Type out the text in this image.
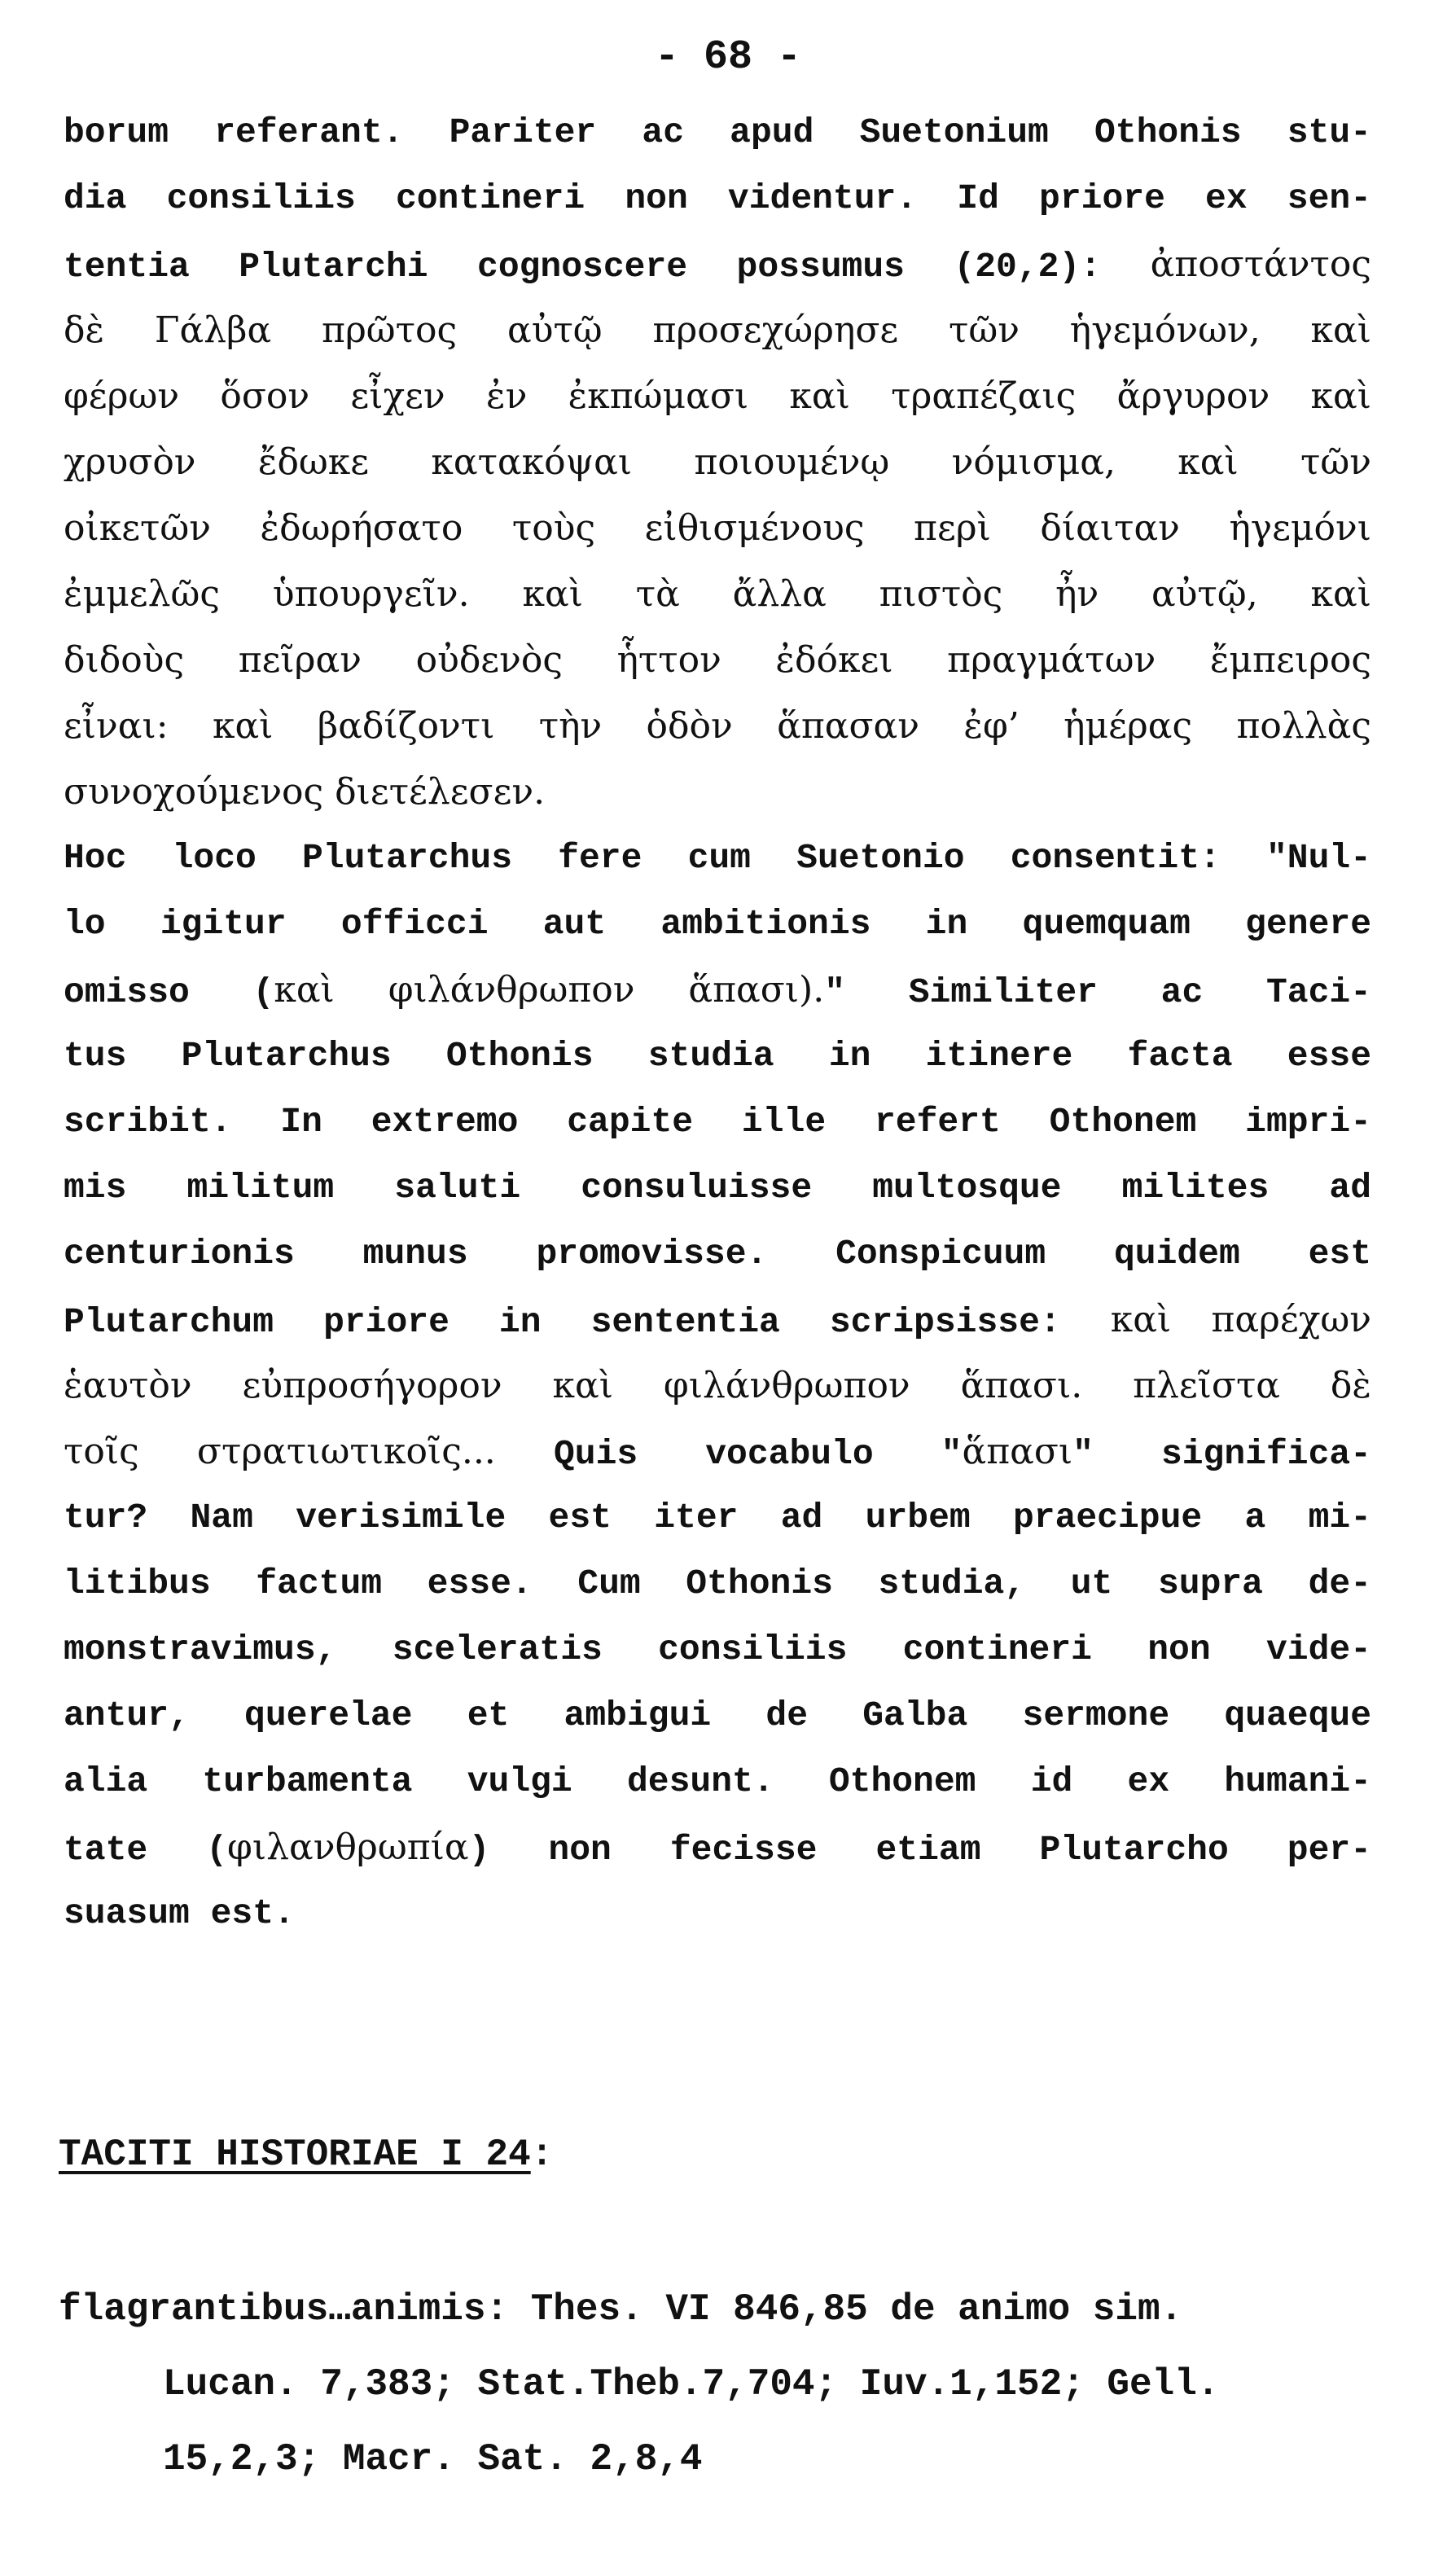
- 68 -
borum referant. Pariter ac apud Suetonium Othonis stu-
dia consiliis contineri non videntur. Id priore ex sen-
tentia Plutarchi cognoscere possumus (20,2): ἀποστάντος
δὲ Γάλβα πρῶτος αὐτῷ προσεχώρησε τῶν ἡγεμόνων, καὶ
φέρων ὅσον εἶχεν ἐν ἐκπώμασι καὶ τραπέζαις ἄργυρον καὶ
χρυσὸν ἔδωκε κατακόψαι ποιουμένῳ νόμισμα, καὶ τῶν
οἰκετῶν ἐδωρήσατο τοὺς εἰθισμένους περὶ δίαιταν ἡγεμόνι
ἐμμελῶς ὑπουργεῖν. καὶ τὰ ἄλλα πιστὸς ἦν αὐτῷ, καὶ
διδοὺς πεῖραν οὐδενὸς ἧττον ἐδόκει πραγμάτων ἔμπειρος
εἶναι: καὶ βαδίζοντι τὴν ὁδὸν ἅπασαν ἐφ’ ἡμέρας πολλὰς
συνοχούμενος διετέλεσεν.
Hoc loco Plutarchus fere cum Suetonio consentit: "Nul-
lo igitur officci aut ambitionis in quemquam genere
omisso (καὶ φιλάνθρωπον ἅπασι)." Similiter ac Taci-
tus Plutarchus Othonis studia in itinere facta esse
scribit. In extremo capite ille refert Othonem impri-
mis militum saluti consuluisse multosque milites ad
centurionis munus promovisse. Conspicuum quidem est
Plutarchum priore in sententia scripsisse: καὶ παρέχων
ἑαυτὸν εὐπροσήγορον καὶ φιλάνθρωπον ἅπασι. πλεῖστα δὲ
τοῖς στρατιωτικοῖς... Quis vocabulo "ἅπασι" significa-
tur? Nam verisimile est iter ad urbem praecipue a mi-
litibus factum esse. Cum Othonis studia, ut supra de-
monstravimus, sceleratis consiliis contineri non vide-
antur, querelae et ambigui de Galba sermone quaeque
alia turbamenta vulgi desunt. Othonem id ex humani-
tate (φιλανθρωπία) non fecisse etiam Plutarcho per-
suasum est.
TACITI HISTORIAE I 24:
flagrantibus…animis: Thes. VI 846,85 de animo sim.
Lucan. 7,383; Stat.Theb.7,704; Iuv.1,152; Gell.
15,2,3; Macr. Sat. 2,8,4
